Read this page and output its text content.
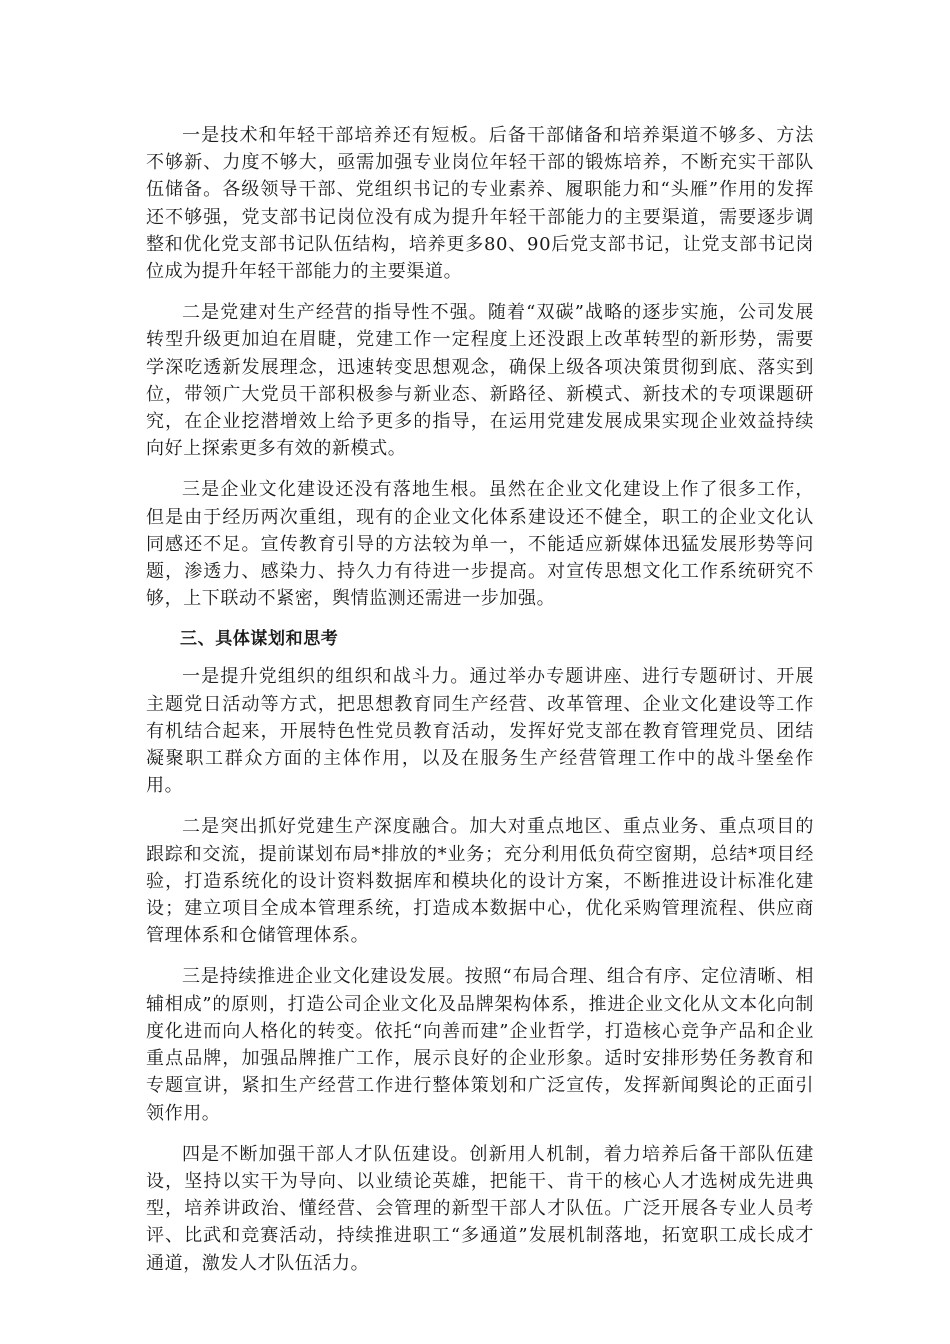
一是技术和年轻干部培养还有短板。后备干部储备和培养渠道不够多、方法不够新、力度不够大，亟需加强专业岗位年轻干部的锻炼培养，不断充实干部队伍储备。各级领导干部、党组织书记的专业素养、履职能力和“头雁”作用的发挥还不够强，党支部书记岗位没有成为提升年轻干部能力的主要渠道，需要逐步调整和优化党支部书记队伍结构，培养更多80、90后党支部书记，让党支部书记岗位成为提升年轻干部能力的主要渠道。

二是党建对生产经营的指导性不强。随着“双碳”战略的逐步实施，公司发展转型升级更加迫在眉睫，党建工作一定程度上还没跟上改革转型的新形势，需要学深吃透新发展理念，迅速转变思想观念，确保上级各项决策贯彻到底、落实到位，带领广大党员干部积极参与新业态、新路径、新模式、新技术的专项课题研究，在企业挖潜增效上给予更多的指导，在运用党建发展成果实现企业效益持续向好上探索更多有效的新模式。

三是企业文化建设还没有落地生根。虽然在企业文化建设上作了很多工作，但是由于经历两次重组，现有的企业文化体系建设还不健全，职工的企业文化认同感还不足。宣传教育引导的方法较为单一，不能适应新媒体迅猛发展形势等问题，渗透力、感染力、持久力有待进一步提高。对宣传思想文化工作系统研究不够，上下联动不紧密，舆情监测还需进一步加强。

三、具体谋划和思考

一是提升党组织的组织和战斗力。通过举办专题讲座、进行专题研讨、开展主题党日活动等方式，把思想教育同生产经营、改革管理、企业文化建设等工作有机结合起来，开展特色性党员教育活动，发挥好党支部在教育管理党员、团结凝聚职工群众方面的主体作用，以及在服务生产经营管理工作中的战斗堡垒作用。

二是突出抓好党建生产深度融合。加大对重点地区、重点业务、重点项目的跟踪和交流，提前谋划布局*排放的*业务；充分利用低负荷空窗期，总结*项目经验，打造系统化的设计资料数据库和模块化的设计方案，不断推进设计标准化建设；建立项目全成本管理系统，打造成本数据中心，优化采购管理流程、供应商管理体系和仓储管理体系。

三是持续推进企业文化建设发展。按照“布局合理、组合有序、定位清晰、相辅相成”的原则，打造公司企业文化及品牌架构体系，推进企业文化从文本化向制度化进而向人格化的转变。依托“向善而建”企业哲学，打造核心竞争产品和企业重点品牌，加强品牌推广工作，展示良好的企业形象。适时安排形势任务教育和专题宣讲，紧扣生产经营工作进行整体策划和广泛宣传，发挥新闻舆论的正面引领作用。

四是不断加强干部人才队伍建设。创新用人机制，着力培养后备干部队伍建设，坚持以实干为导向、以业绩论英雄，把能干、肯干的核心人才选树成先进典型，培养讲政治、懂经营、会管理的新型干部人才队伍。广泛开展各专业人员考评、比武和竞赛活动，持续推进职工“多通道”发展机制落地，拓宽职工成长成才通道，激发人才队伍活力。
